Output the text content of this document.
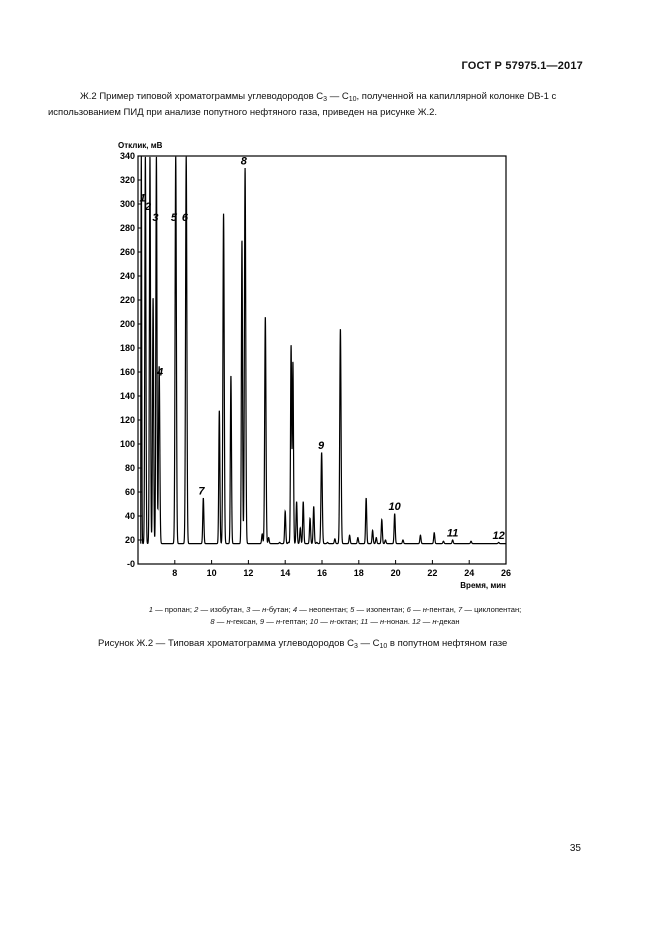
ГОСТ Р 57975.1—2017
Ж.2 Пример типовой хроматограммы углеводородов $С_3$ — $С_{10}$, полученной на капиллярной колонке DB-1 с
использованием ПИД при анализе попутного нефтяного газа, приведен на рисунке Ж.2.
-0
20
40
60
80
100
120
140
160
180
200
220
240
260
280
300
320
340
8	10	12	14	16	18	20	22	24	26
Отклик, мВ
Время, мин
1
2
3
4
5 6
7
8
9
10
11	12
1 — пропан; 2 — изобутан, 3 — н-бутан; 4 — неопентан; 5 — изопентан; 6 — н-пентан, 7 — циклопентан;
8 — н-гексан, 9 — н-гептан; 10 — н-октан; 11 — н-нонан. 12 — н-декан
Рисунок Ж.2 — Типовая хроматограмма углеводородов $С_3$ — $С_{10}$ в попутном нефтяном газе
35
